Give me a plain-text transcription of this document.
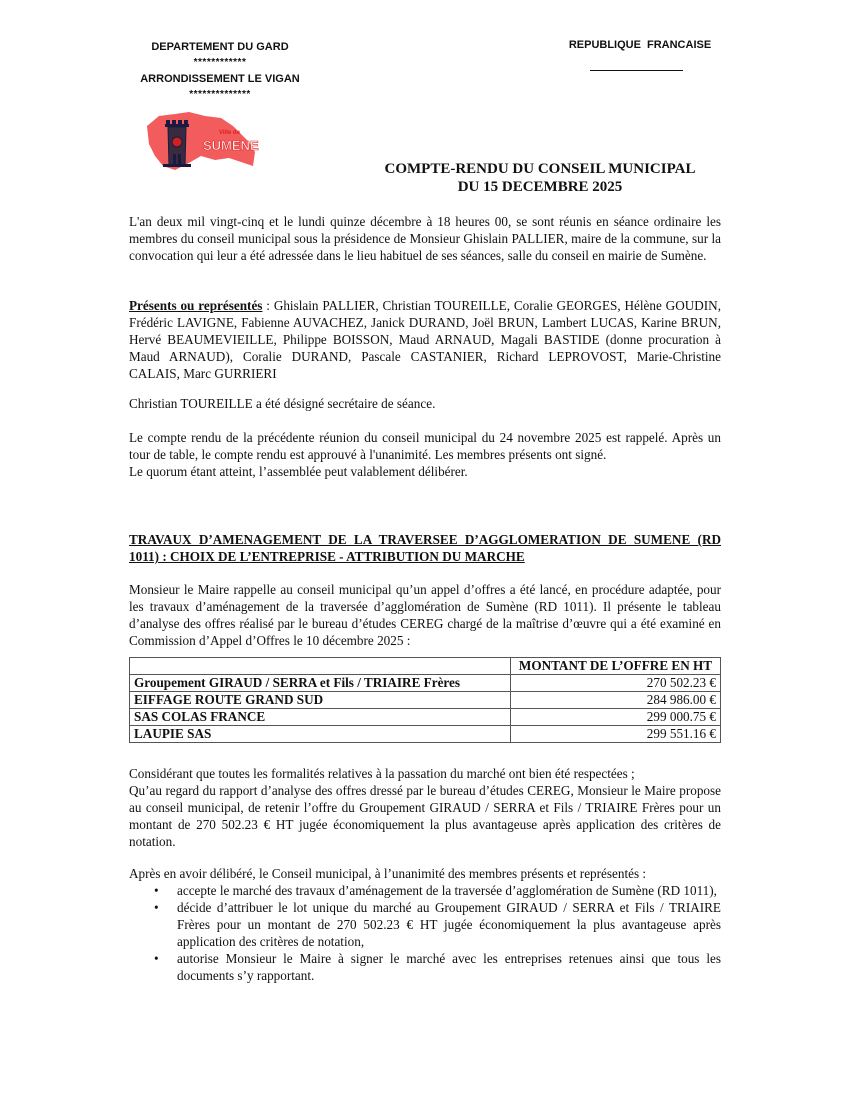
DEPARTEMENT DU GARD
************
ARRONDISSEMENT LE VIGAN
**************
REPUBLIQUE FRANCAISE
Ville de
SUMENE
COMPTE-RENDU DU CONSEIL MUNICIPAL
DU 15 DECEMBRE 2025
L'an deux mil vingt-cinq et le lundi quinze décembre à 18 heures 00, se sont réunis en séance ordinaire les membres du conseil municipal sous la présidence de Monsieur Ghislain PALLIER, maire de la commune, sur la convocation qui leur a été adressée dans le lieu habituel de ses séances, salle du conseil en mairie de Sumène.
Présents ou représentés : Ghislain PALLIER, Christian TOUREILLE, Coralie GEORGES, Hélène GOUDIN, Frédéric LAVIGNE, Fabienne AUVACHEZ, Janick DURAND, Joël BRUN, Lambert LUCAS, Karine BRUN, Hervé BEAUMEVIEILLE, Philippe BOISSON, Maud ARNAUD, Magali BASTIDE (donne procuration à Maud ARNAUD), Coralie DURAND, Pascale CASTANIER, Richard LEPROVOST, Marie-Christine CALAIS, Marc GURRIERI
Christian TOUREILLE a été désigné secrétaire de séance.
Le compte rendu de la précédente réunion du conseil municipal du 24 novembre 2025 est rappelé. Après un tour de table, le compte rendu est approuvé à l'unanimité. Les membres présents ont signé.
Le quorum étant atteint, l’assemblée peut valablement délibérer.
TRAVAUX D’AMENAGEMENT DE LA TRAVERSEE D’AGGLOMERATION DE SUMENE (RD 1011) : CHOIX DE L’ENTREPRISE - ATTRIBUTION DU MARCHE
Monsieur le Maire rappelle au conseil municipal qu’un appel d’offres a été lancé, en procédure adaptée, pour les travaux d’aménagement de la traversée d’agglomération de Sumène (RD 1011). Il présente le tableau d’analyse des offres réalisé par le bureau d’études CEREG chargé de la maîtrise d’œuvre qui a été examiné en Commission d’Appel d’Offres le 10 décembre 2025 :
	MONTANT DE L’OFFRE EN HT
Groupement GIRAUD / SERRA et Fils / TRIAIRE Frères	270 502.23 €
EIFFAGE ROUTE GRAND SUD	284 986.00 €
SAS COLAS FRANCE	299 000.75 €
LAUPIE SAS	299 551.16 €
Considérant que toutes les formalités relatives à la passation du marché ont bien été respectées ;
Qu’au regard du rapport d’analyse des offres dressé par le bureau d’études CEREG, Monsieur le Maire propose au conseil municipal, de retenir l’offre du Groupement GIRAUD / SERRA et Fils / TRIAIRE Frères pour un montant de 270 502.23 € HT jugée économiquement la plus avantageuse après application des critères de notation.
Après en avoir délibéré, le Conseil municipal, à l’unanimité des membres présents et représentés :
• accepte le marché des travaux d’aménagement de la traversée d’agglomération de Sumène (RD 1011),
• décide d’attribuer le lot unique du marché au Groupement GIRAUD / SERRA et Fils / TRIAIRE Frères pour un montant de 270 502.23 € HT jugée économiquement la plus avantageuse après application des critères de notation,
• autorise Monsieur le Maire à signer le marché avec les entreprises retenues ainsi que tous les documents s’y rapportant.
